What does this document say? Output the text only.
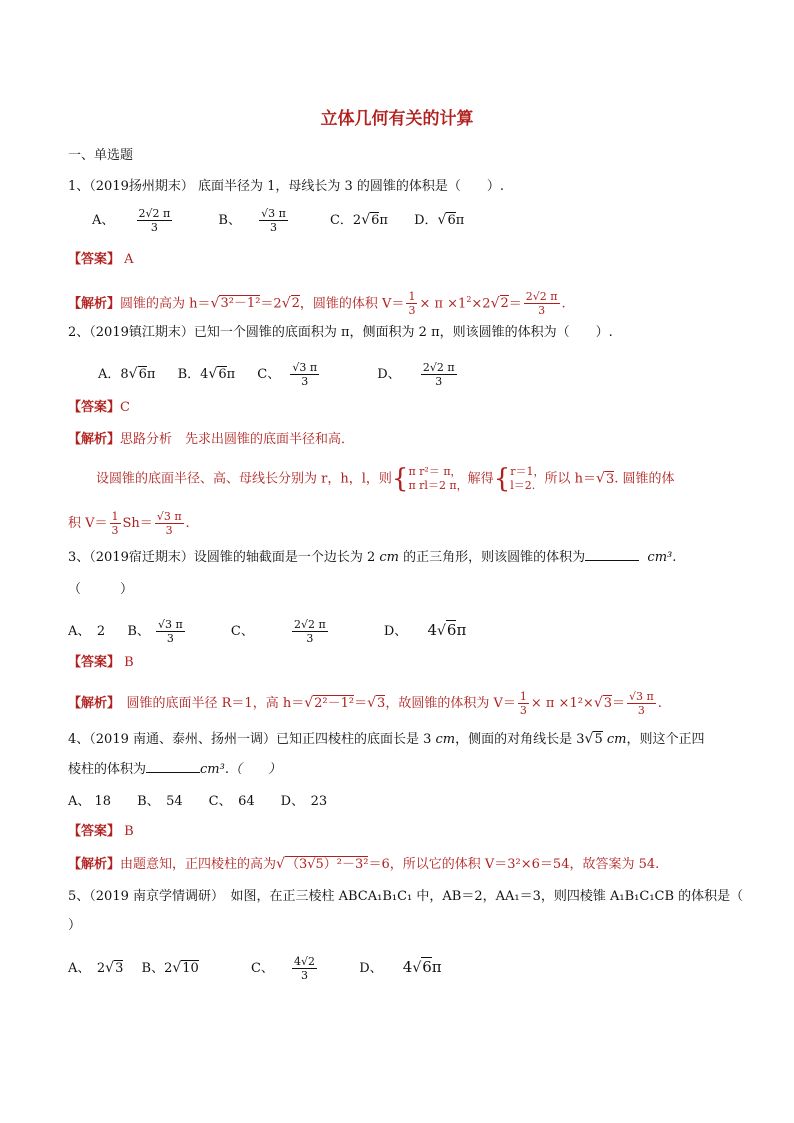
立体几何有关的计算
一、单选题
1、（2019扬州期末） 底面半径为 1，母线长为 3 的圆锥的体积是（　　）.
A、 $\frac{2√2 \pi}{3}$	B、 $\frac{√3 \pi}{3}$	C．2√6π D．√6π
【答案】 A
【解析】圆锥的高为 h＝√3²－1²＝2√2，圆锥的体积 $V= \frac{1}{3} \times \pi \times 1^2\times 2√2= \frac{2√2 \pi}{3}$ .
2、（2019镇江期末）已知一个圆锥的底面积为 π，侧面积为 2 π，则该圆锥的体积为（　　）.
A．8√6π B．4√6π C、 $\frac{√3 \pi}{3}$	D、 $\frac{2√2 \pi}{3}$
【答案】C
【解析】思路分析　先求出圆锥的底面半径和高．
设圆锥的底面半径、高、母线长分别为 r，h，l，则{ π r²＝ π，
π rl＝2 π， 解得{ r＝1，
l＝2. 所以 h＝√3. 圆锥的体
积 $V= \frac{1}{3} Sh= \frac{√3 \pi}{3}$ .
3、（2019宿迁期末）设圆锥的轴截面是一个边长为 2 cm 的正三角形，则该圆锥的体积为	cm³.
（　　　）
A、　2 B、 $\frac{√3 \pi}{3}$	C、	$\frac{2√2 \pi}{3}$	D、 4√6π
【答案】 B
【解析】　圆锥的底面半径 R＝1，高 h＝√2²－1²＝√3，故圆锥的体积为 $V= \frac{1}{3} \times \pi \times 1^2\times√3= \frac{√3 \pi}{3}$ .
4、（2019 南通、泰州、扬州一调）已知正四棱柱的底面长是 3 cm，侧面的对角线长是 3√5 cm，则这个正四
棱柱的体积为	cm³.（　　）
A、 18　　B、　54　　C、　64　　D、　23
【答案】 B
【解析】由题意知，正四棱柱的高为√（3√5）²－3²＝6，所以它的体积 V＝3²×6＝54，故答案为 54.
5、（2019 南京学情调研）　如图，在正三棱柱 ABCA₁B₁C₁ 中，AB＝2，AA₁＝3，则四棱锥 A₁B₁C₁CB 的体积是（
）
A、　2√3 B、2√10	C、 $\frac{4√2}{3}$	D、 4√6π
